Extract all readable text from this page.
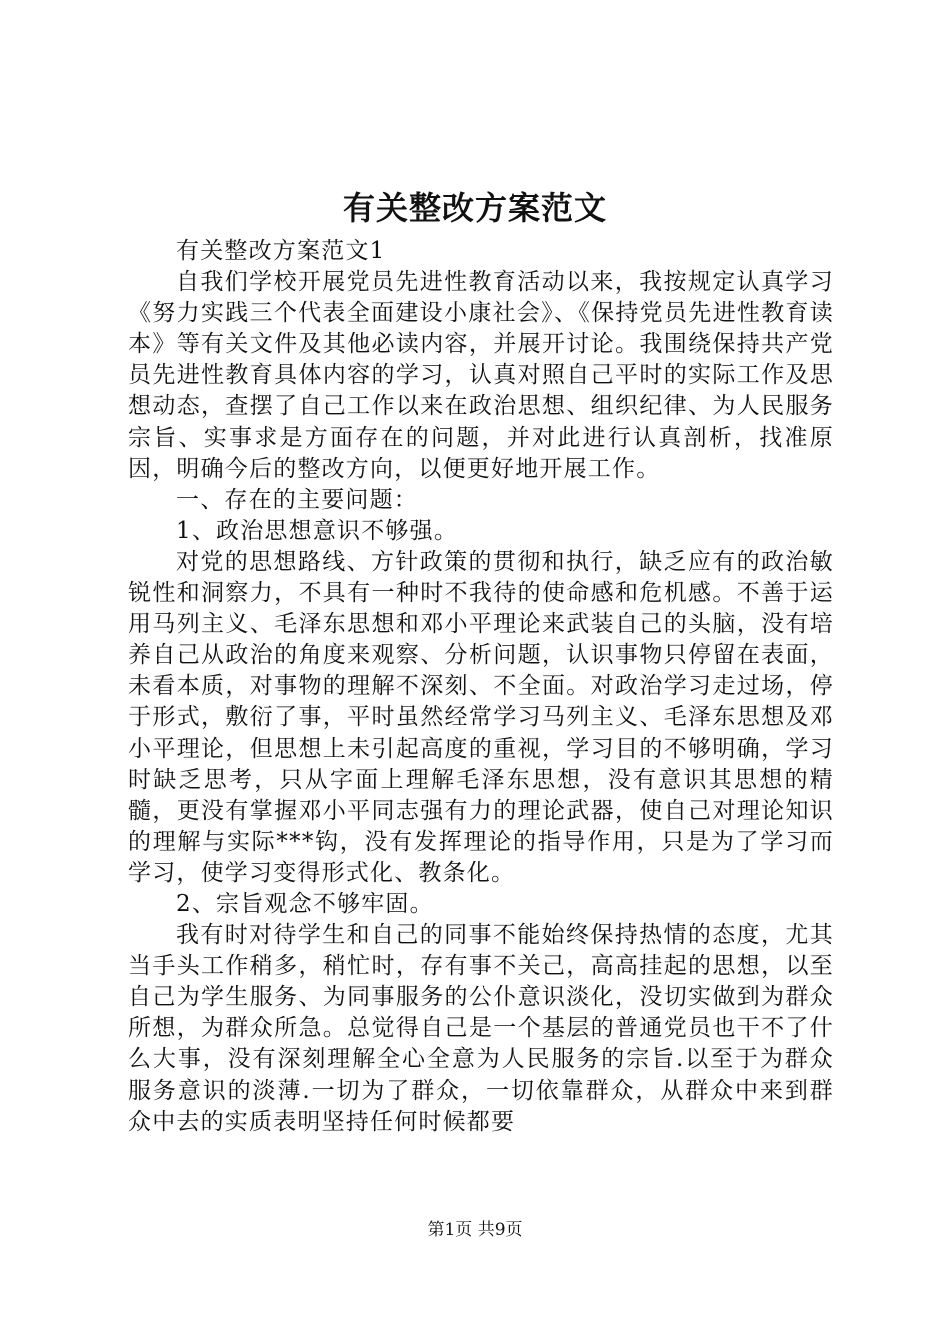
有关整改方案范文

有关整改方案范文1

自我们学校开展党员先进性教育活动以来，我按规定认真学习《努力实践三个代表全面建设小康社会》、《保持党员先进性教育读本》等有关文件及其他必读内容，并展开讨论。我围绕保持共产党员先进性教育具体内容的学习，认真对照自己平时的实际工作及思想动态，查摆了自己工作以来在政治思想、组织纪律、为人民服务宗旨、实事求是方面存在的问题，并对此进行认真剖析，找准原因，明确今后的整改方向，以便更好地开展工作。

一、存在的主要问题：

1、政治思想意识不够强。

对党的思想路线、方针政策的贯彻和执行，缺乏应有的政治敏锐性和洞察力，不具有一种时不我待的使命感和危机感。不善于运用马列主义、毛泽东思想和邓小平理论来武装自己的头脑，没有培养自己从政治的角度来观察、分析问题，认识事物只停留在表面，未看本质，对事物的理解不深刻、不全面。对政治学习走过场，停于形式，敷衍了事，平时虽然经常学习马列主义、毛泽东思想及邓小平理论，但思想上未引起高度的重视，学习目的不够明确，学习时缺乏思考，只从字面上理解毛泽东思想，没有意识其思想的精髓，更没有掌握邓小平同志强有力的理论武器，使自己对理论知识的理解与实际***钩，没有发挥理论的指导作用，只是为了学习而学习，使学习变得形式化、教条化。

2、宗旨观念不够牢固。

我有时对待学生和自己的同事不能始终保持热情的态度，尤其当手头工作稍多，稍忙时，存有事不关己，高高挂起的思想，以至自己为学生服务、为同事服务的公仆意识淡化，没切实做到为群众所想，为群众所急。总觉得自己是一个基层的普通党员也干不了什么大事，没有深刻理解全心全意为人民服务的宗旨.以至于为群众服务意识的淡薄.一切为了群众，一切依靠群众，从群众中来到群众中去的实质表明坚持任何时候都要

第1页 共9页
